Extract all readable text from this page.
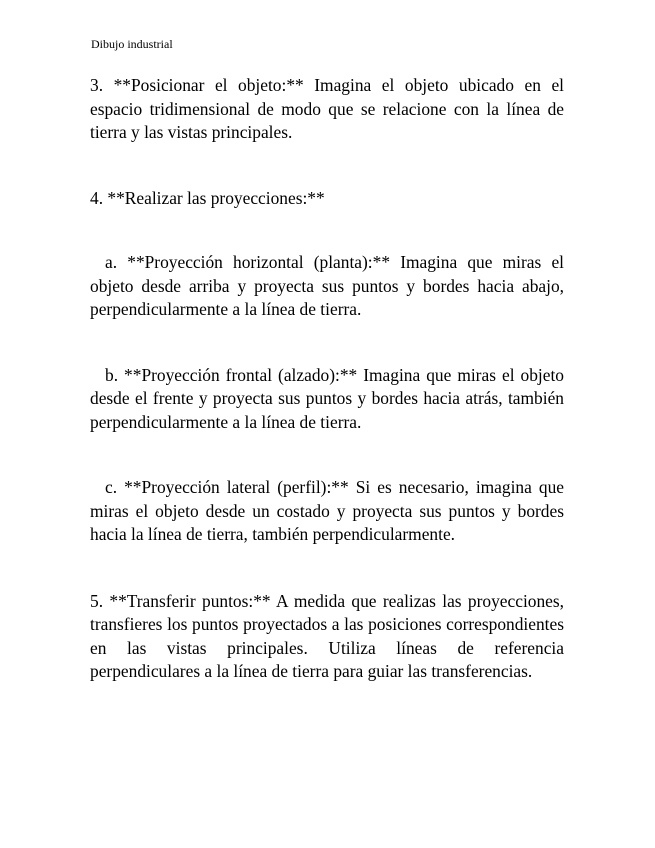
Dibujo industrial

3. **Posicionar el objeto:** Imagina el objeto ubicado en el espacio tridimensional de modo que se relacione con la línea de tierra y las vistas principales.

4. **Realizar las proyecciones:**

a. **Proyección horizontal (planta):** Imagina que miras el objeto desde arriba y proyecta sus puntos y bordes hacia abajo, perpendicularmente a la línea de tierra.

b. **Proyección frontal (alzado):** Imagina que miras el objeto desde el frente y proyecta sus puntos y bordes hacia atrás, también perpendicularmente a la línea de tierra.

c. **Proyección lateral (perfil):** Si es necesario, imagina que miras el objeto desde un costado y proyecta sus puntos y bordes hacia la línea de tierra, también perpendicularmente.

5. **Transferir puntos:** A medida que realizas las proyecciones, transfieres los puntos proyectados a las posiciones correspondientes en las vistas principales. Utiliza líneas de referencia perpendiculares a la línea de tierra para guiar las transferencias.
